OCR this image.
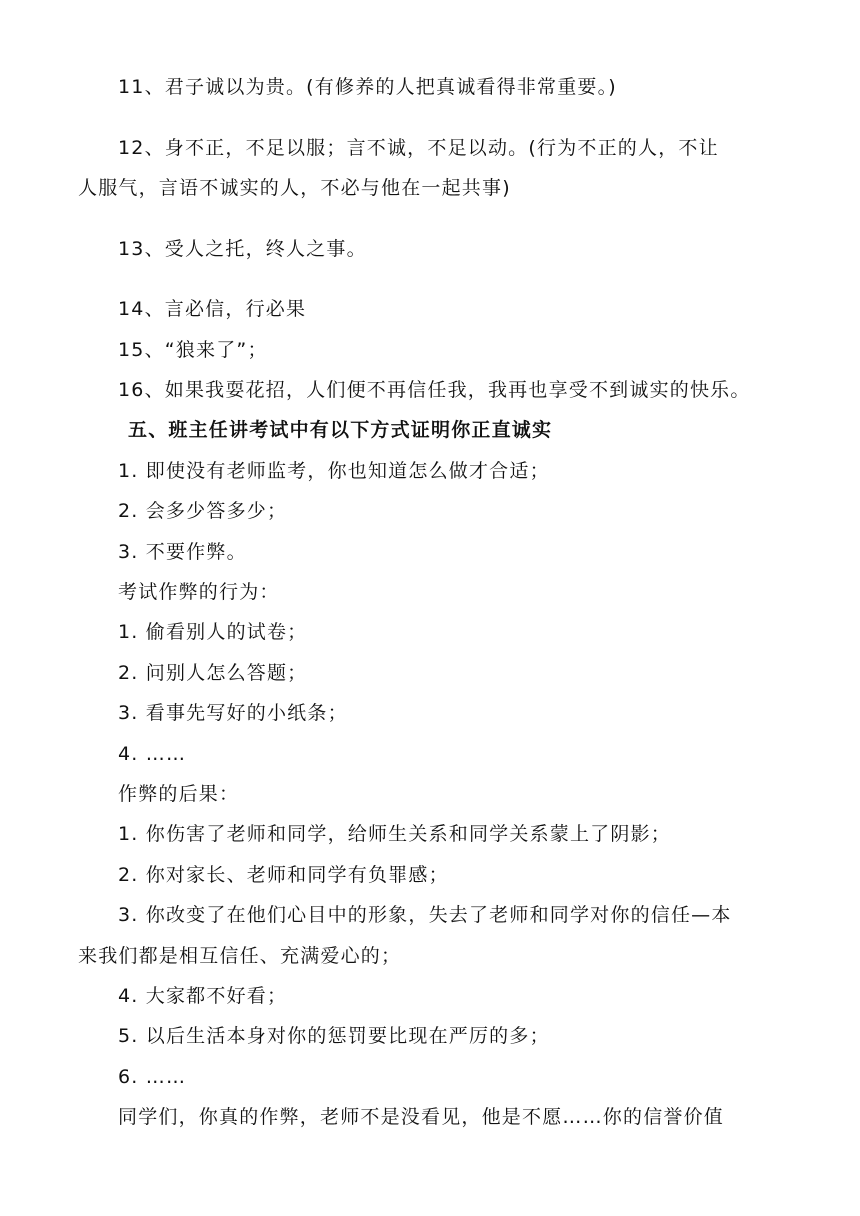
11、君子诚以为贵。(有修养的人把真诚看得非常重要。)
12、身不正，不足以服；言不诚，不足以动。(行为不正的人，不让
人服气，言语不诚实的人，不必与他在一起共事)
13、受人之托，终人之事。
14、言必信，行必果
15、“狼来了”；
16、如果我耍花招，人们便不再信任我，我再也享受不到诚实的快乐。
五、班主任讲考试中有以下方式证明你正直诚实
1. 即使没有老师监考，你也知道怎么做才合适；
2. 会多少答多少；
3. 不要作弊。
考试作弊的行为：
1. 偷看别人的试卷；
2. 问别人怎么答题；
3. 看事先写好的小纸条；
4. ……
作弊的后果：
1. 你伤害了老师和同学，给师生关系和同学关系蒙上了阴影；
2. 你对家长、老师和同学有负罪感；
3. 你改变了在他们心目中的形象，失去了老师和同学对你的信任—本
来我们都是相互信任、充满爱心的；
4. 大家都不好看；
5. 以后生活本身对你的惩罚要比现在严厉的多；
6. ……
同学们，你真的作弊，老师不是没看见，他是不愿……你的信誉价值
